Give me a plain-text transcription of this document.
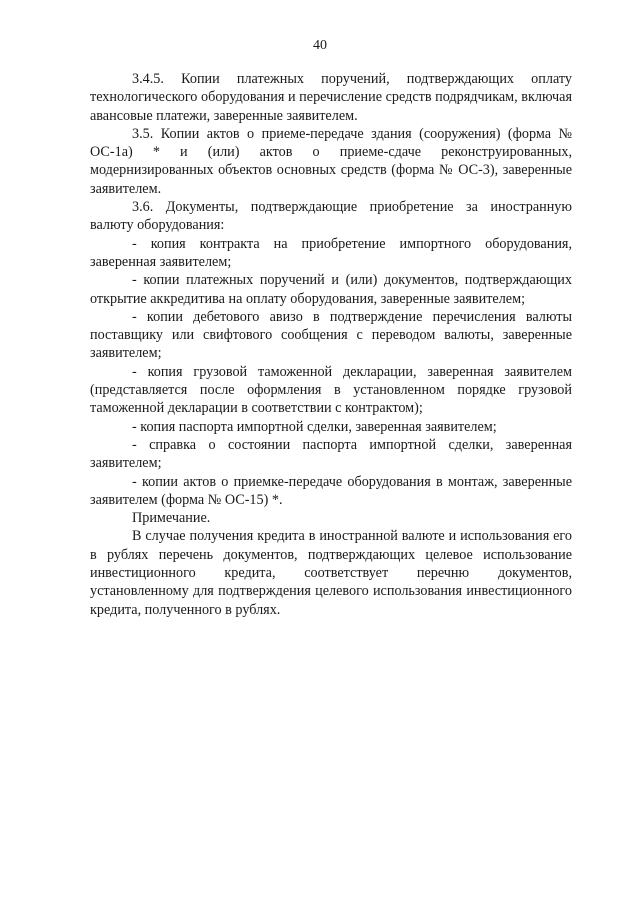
40

3.4.5. Копии платежных поручений, подтверждающих оплату технологического оборудования и перечисление средств подрядчикам, включая авансовые платежи, заверенные заявителем.

3.5. Копии актов о приеме-передаче здания (сооружения) (форма № ОС-1а) * и (или) актов о приеме-сдаче реконструированных, модернизированных объектов основных средств (форма № ОС-3), заверенные заявителем.

3.6. Документы, подтверждающие приобретение за иностранную валюту оборудования:

- копия контракта на приобретение импортного оборудования, заверенная заявителем;

- копии платежных поручений и (или) документов, подтверждающих открытие аккредитива на оплату оборудования, заверенные заявителем;

- копии дебетового авизо в подтверждение перечисления валюты поставщику или свифтового сообщения с переводом валюты, заверенные заявителем;

- копия грузовой таможенной декларации, заверенная заявителем (представляется после оформления в установленном порядке грузовой таможенной декларации в соответствии с контрактом);

- копия паспорта импортной сделки, заверенная заявителем;

- справка о состоянии паспорта импортной сделки, заверенная заявителем;

- копии актов о приемке-передаче оборудования в монтаж, заверенные заявителем (форма № ОС-15) *.

Примечание.

В случае получения кредита в иностранной валюте и использования его в рублях перечень документов, подтверждающих целевое использование инвестиционного кредита, соответствует перечню документов, установленному для подтверждения целевого использования инвестиционного кредита, полученного в рублях.
